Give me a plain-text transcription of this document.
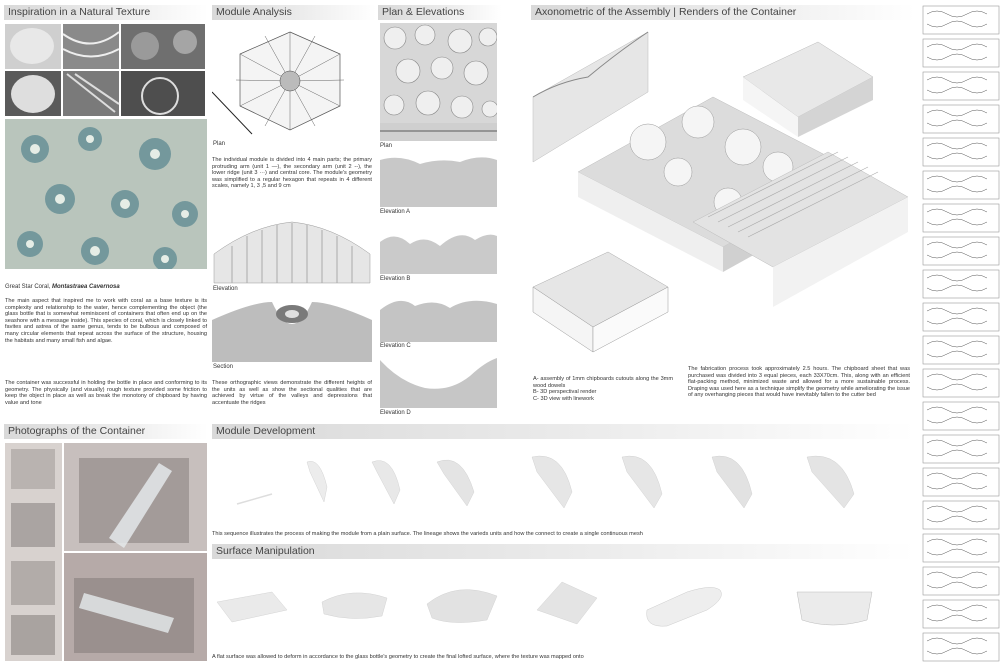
Inspiration in a Natural Texture
Great Star Coral, Montastraea Cavernosa
The main aspect that inspired me to work with coral as a base texture is its complexity and relationship to the water, hence complementing the object (the glass bottle that is somewhat reminiscent of containers that often end up on the seashore with a message inside). This species of coral, which is closely linked to favites and astrea of the same genus, tends to be bulbous and composed of many circular elements that repeat across the surface of the structure, housing the habitats and many small fish and algae.
The container was successful in holding the bottle in place and conforming to its geometry. The physically (and visually) rough texture provided some friction to keep the object in place as well as break the monotony of chipboard by having value and tone
Photographs of the Container
Module Analysis
Plan
The individual module is divided into 4 main parts; the primary protruding arm (unit 1 —), the secondary arm (unit 2 --), the lower ridge (unit 3 ···) and central core. The module's geometry was simplified to a regular hexagon that repeats in 4 different scales, namely 1, 3 ,5 and 9 cm
Elevation
Section
These orthographic views demonstrate the different heights of the units as well as show the sectional qualities that are achieved by virtue of the valleys and depressions that accentuate the ridges
Plan & Elevations
Plan
Elevation A
Elevation B
Elevation C
Elevation D
Axonometric of the Assembly | Renders of the Container
A- assembly of 1mm chipboards cutouts along the 3mm wood dowels
B- 3D perspectival render
C- 3D view with linework
The fabrication process took approximately 2.5 hours. The chipboard sheet that was purchased was divided into 3 equal pieces, each 33X70cm. This, along with an efficient flat-packing method, minimized waste and allowed for a more sustainable process. Draping was used here as a technique simplify the geometry while ameliorating the issue of any overhanging pieces that would have inevitably fallen to the cutter bed
Module Development
This sequence illustrates the process of making the module from a plain surface. The lineage shows the varieds units and how the connect to create a single continuous mesh
Surface Manipulation
A flat surface was allowed to deform in accordance to the glass bottle's geometry to create the final lofted surface, where the texture was mapped onto
